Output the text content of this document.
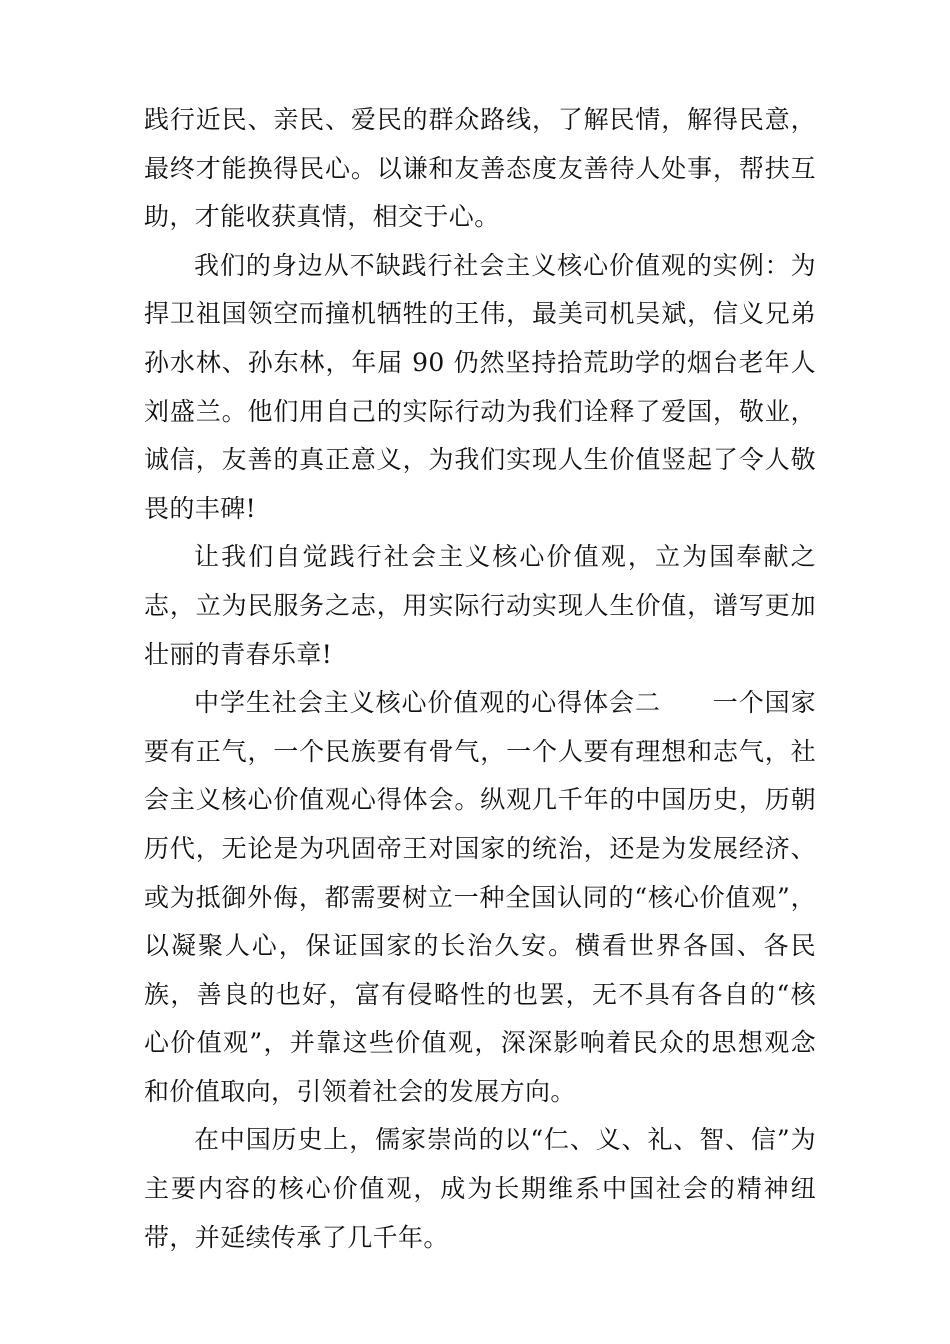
践行近民、亲民、爱民的群众路线，了解民情，解得民意，最终才能换得民心。以谦和友善态度友善待人处事，帮扶互助，才能收获真情，相交于心。

我们的身边从不缺践行社会主义核心价值观的实例：为捍卫祖国领空而撞机牺牲的王伟，最美司机吴斌，信义兄弟孙水林、孙东林，年届 90 仍然坚持拾荒助学的烟台老年人刘盛兰。他们用自己的实际行动为我们诠释了爱国，敬业，诚信，友善的真正意义，为我们实现人生价值竖起了令人敬畏的丰碑!

让我们自觉践行社会主义核心价值观，立为国奉献之志，立为民服务之志，用实际行动实现人生价值，谱写更加壮丽的青春乐章!

中学生社会主义核心价值观的心得体会二　　一个国家要有正气，一个民族要有骨气，一个人要有理想和志气，社会主义核心价值观心得体会。纵观几千年的中国历史，历朝历代，无论是为巩固帝王对国家的统治，还是为发展经济、或为抵御外侮，都需要树立一种全国认同的“核心价值观”，以凝聚人心，保证国家的长治久安。横看世界各国、各民族，善良的也好，富有侵略性的也罢，无不具有各自的“核心价值观”，并靠这些价值观，深深影响着民众的思想观念和价值取向，引领着社会的发展方向。

在中国历史上，儒家崇尚的以“仁、义、礼、智、信”为主要内容的核心价值观，成为长期维系中国社会的精神纽带，并延续传承了几千年。
